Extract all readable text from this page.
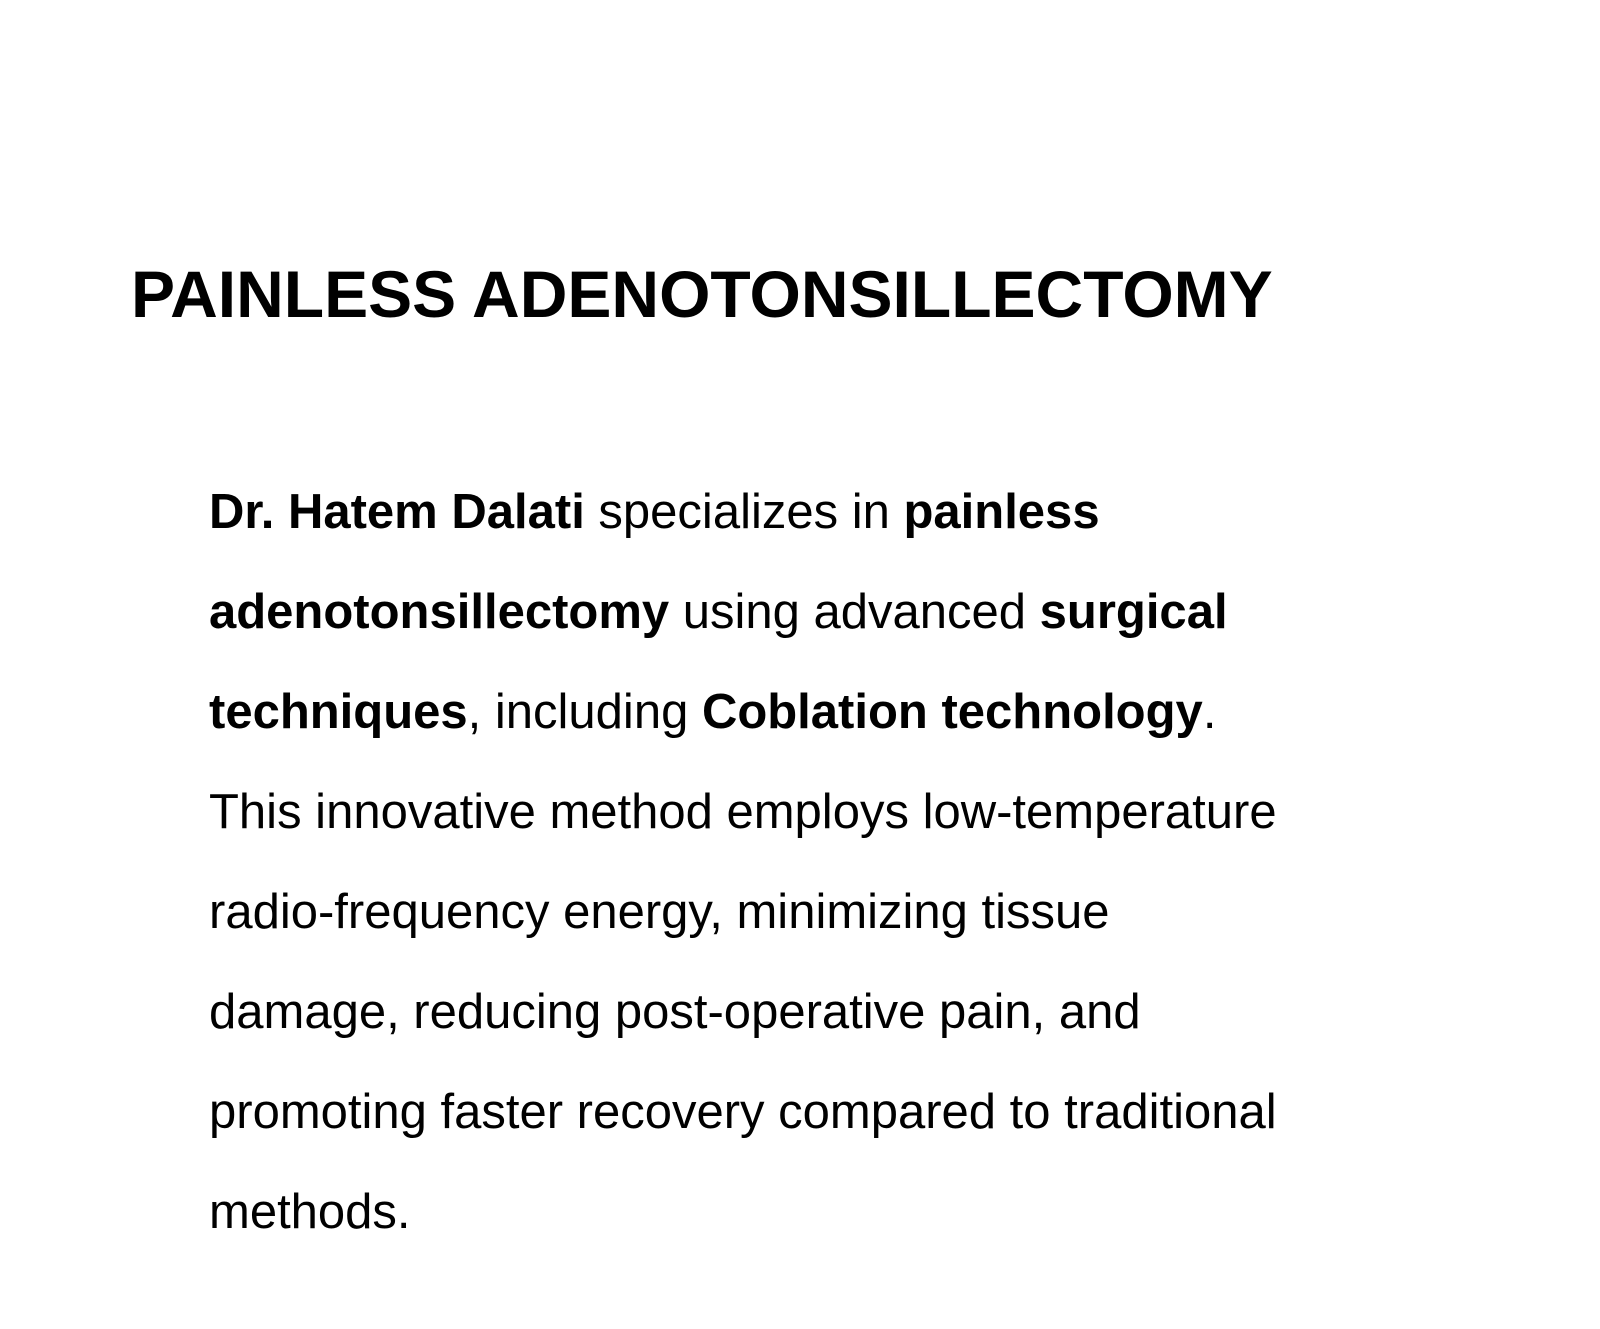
PAINLESS ADENOTONSILLECTOMY
Dr. Hatem Dalati specializes in painless
adenotonsillectomy using advanced surgical
techniques, including Coblation technology.
This innovative method employs low-temperature
radio-frequency energy, minimizing tissue
damage, reducing post-operative pain, and
promoting faster recovery compared to traditional
methods.
